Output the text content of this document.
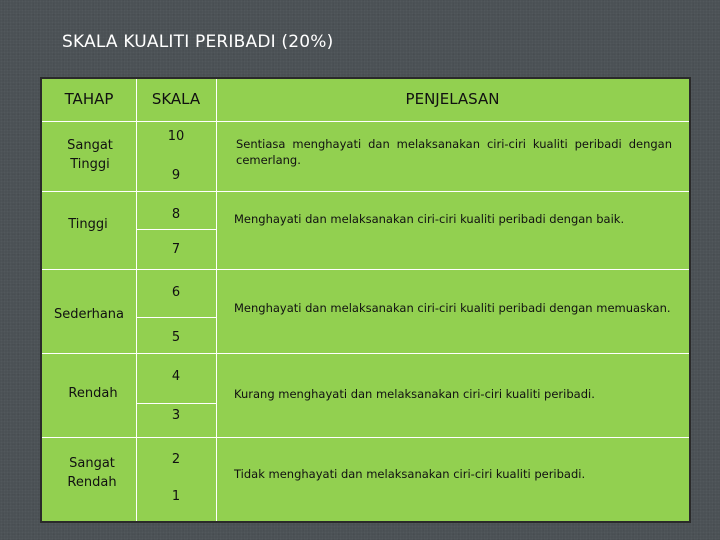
SKALA KUALITI PERIBADI (20%)
TAHAP	SKALA	PENJELASAN
Sangat Tinggi
10
9
Sentiasa menghayati dan melaksanakan ciri-ciri kualiti peribadi dengan cemerlang.
Tinggi
8
7
Menghayati dan melaksanakan ciri-ciri kualiti peribadi dengan baik.
Sederhana
6
5
Menghayati dan melaksanakan ciri-ciri kualiti peribadi dengan memuaskan.
Rendah
4
3
Kurang menghayati dan melaksanakan ciri-ciri kualiti peribadi.
Sangat Rendah
2
1
Tidak menghayati dan melaksanakan ciri-ciri kualiti peribadi.
